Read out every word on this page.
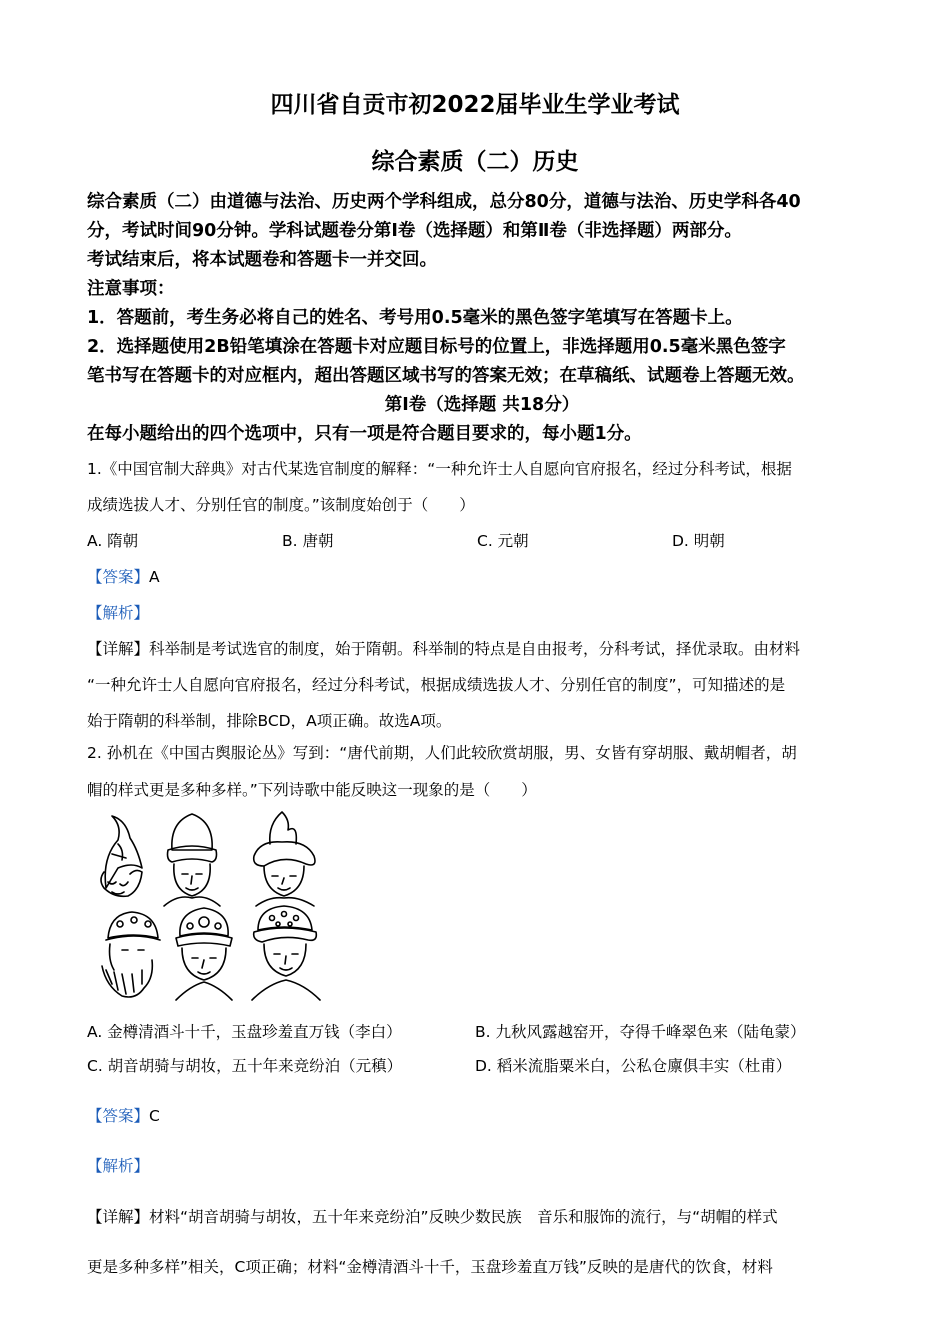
四川省自贡市初2022届毕业生学业考试
综合素质（二）历史

综合素质（二）由道德与法治、历史两个学科组成，总分80分，道德与法治、历史学科各40

分，考试时间90分钟。学科试题卷分第Ⅰ卷（选择题）和第Ⅱ卷（非选择题）两部分。

考试结束后，将本试题卷和答题卡一并交回。

注意事项：

1．答题前，考生务必将自己的姓名、考号用0.5毫米的黑色签字笔填写在答题卡上。

2．选择题使用2B铅笔填涂在答题卡对应题目标号的位置上，非选择题用0.5毫米黑色签字

笔书写在答题卡的对应框内，超出答题区域书写的答案无效；在草稿纸、试题卷上答题无效。

第Ⅰ卷（选择题 共18分）

在每小题给出的四个选项中，只有一项是符合题目要求的，每小题1分。

1.《中国官制大辞典》对古代某选官制度的解释：“一种允许士人自愿向官府报名，经过分科考试，根据

成绩选拔人才、分别任官的制度。”该制度始创于（　　）

A. 隋朝	B. 唐朝	C. 元朝	D. 明朝

【答案】A

【解析】

【详解】科举制是考试选官的制度，始于隋朝。科举制的特点是自由报考，分科考试，择优录取。由材料

“一种允许士人自愿向官府报名，经过分科考试，根据成绩选拔人才、分别任官的制度”，可知描述的是

始于隋朝的科举制，排除BCD，A项正确。故选A项。

2. 孙机在《中国古舆服论丛》写到：“唐代前期，人们此较欣赏胡服，男、女皆有穿胡服、戴胡帽者，胡

帽的样式更是多种多样。”下列诗歌中能反映这一现象的是（　　）

A. 金樽清酒斗十千，玉盘珍羞直万钱（李白）	B. 九秋风露越窑开，夺得千峰翠色来（陆龟蒙）
C. 胡音胡骑与胡妆，五十年来竞纷泊（元稹）	D. 稻米流脂粟米白，公私仓廪俱丰实（杜甫）

【答案】C

【解析】

【详解】材料“胡音胡骑与胡妆，五十年来竞纷泊”反映少数民族　音乐和服饰的流行，与“胡帽的样式

更是多种多样”相关，C项正确；材料“金樽清酒斗十千，玉盘珍羞直万钱”反映的是唐代的饮食，材料
